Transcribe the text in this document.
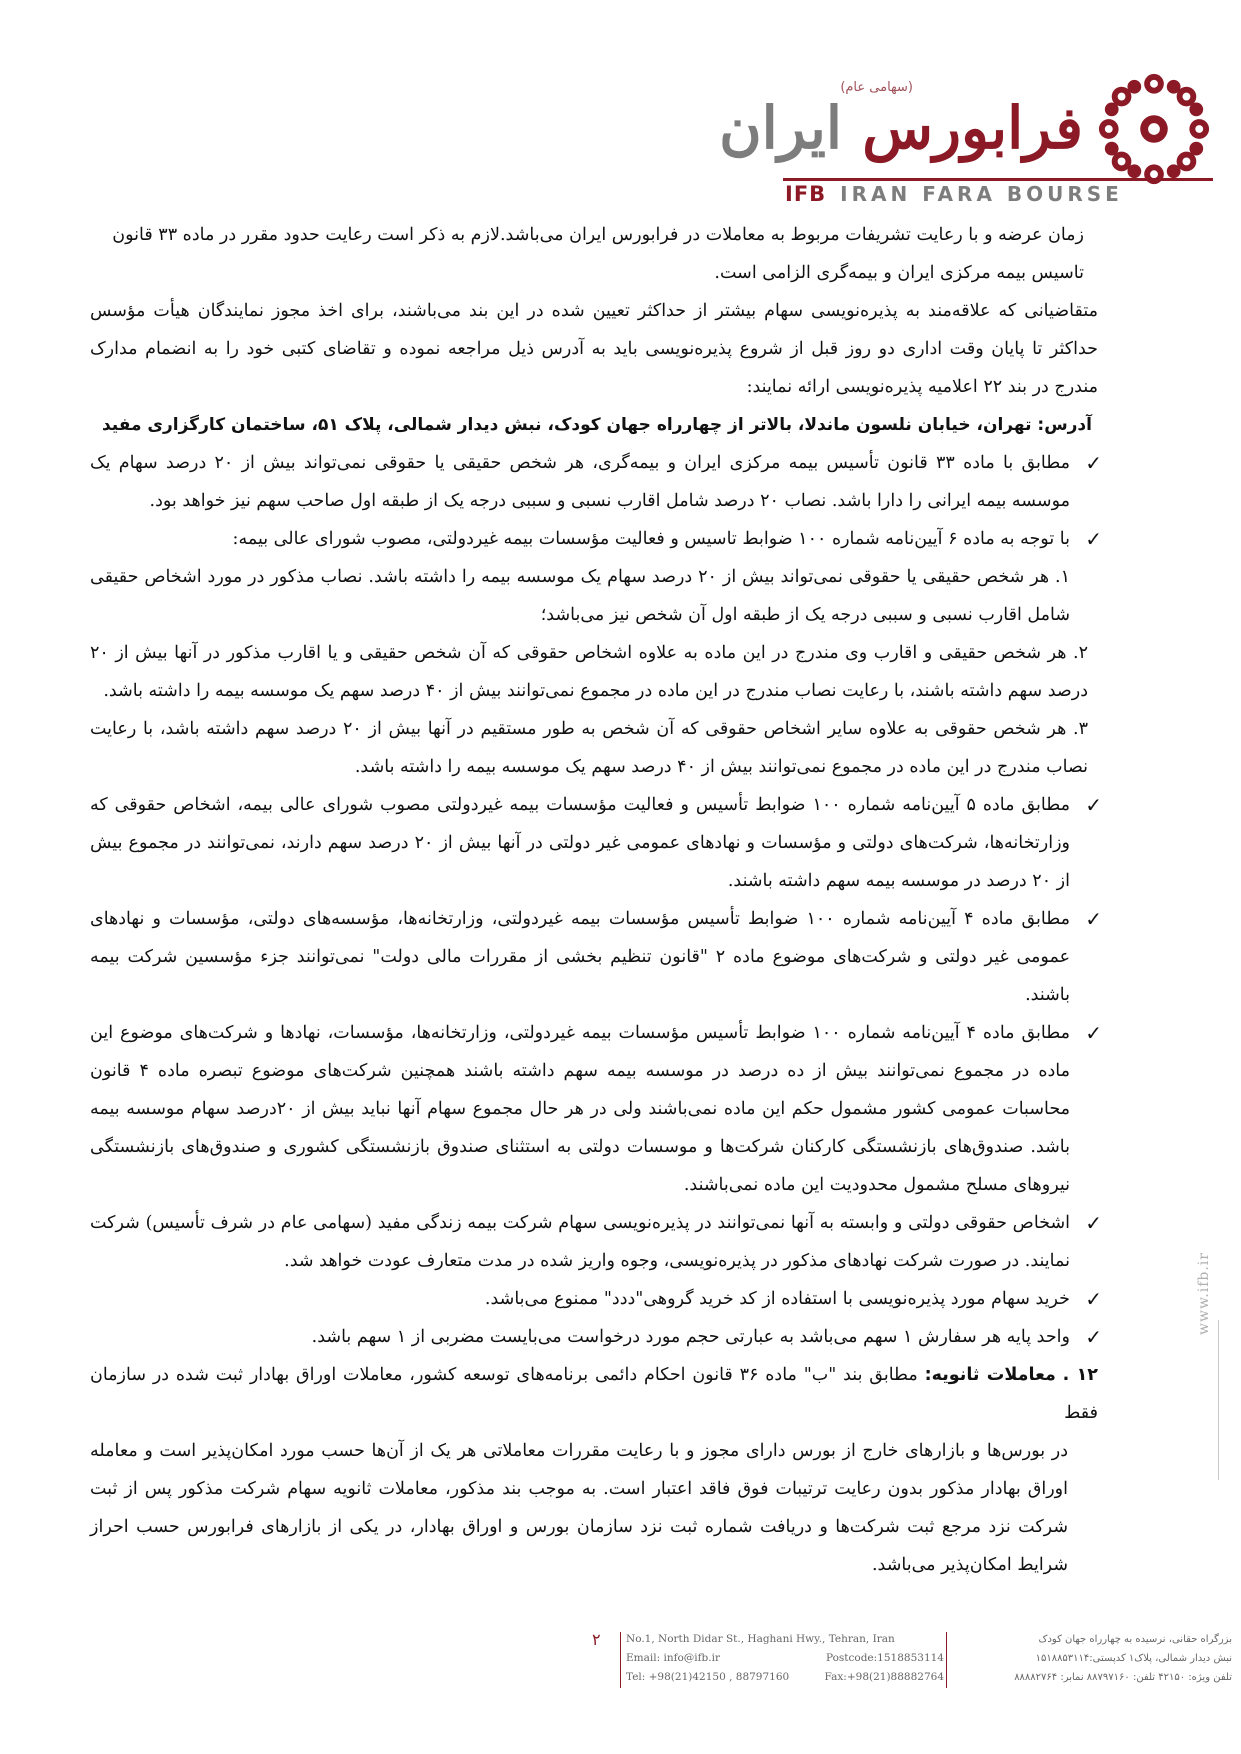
(سهامی عام)
فرابورس ایران
IFB IRAN FARA BOURSE

زمان عرضه و با رعایت تشریفات مربوط به معاملات در فرابورس ایران می‌باشد.لازم به ذکر است رعایت حدود مقرر در ماده ۳۳ قانون
تاسیس بیمه مرکزی ایران و بیمه‌گری الزامی است.

متقاضیانی که علاقه‌مند به پذیره‌نویسی سهام بیشتر از حداکثر تعیین شده در این بند می‌باشند، برای اخذ مجوز نمایندگان هیأت مؤسس حداکثر تا پایان وقت اداری دو روز قبل از شروع پذیره‌نویسی باید به آدرس ذیل مراجعه نموده و تقاضای کتبی خود را به انضمام مدارک مندرج در بند ۲۲ اعلامیه پذیره‌نویسی ارائه نمایند:

آدرس: تهران، خیابان نلسون ماندلا، بالاتر از چهارراه جهان کودک، نبش دیدار شمالی، پلاک ۵۱، ساختمان کارگزاری مفید

✓
مطابق با ماده ۳۳ قانون تأسیس بیمه مرکزی ایران و بیمه‌گری، هر شخص حقیقی یا حقوقی نمی‌تواند بیش از ۲۰ درصد سهام یک موسسه بیمه ایرانی را دارا باشد. نصاب ۲۰ درصد شامل اقارب نسبی و سببی درجه یک از طبقه اول صاحب سهم نیز خواهد بود.

✓
با توجه به ماده ۶ آیین‌نامه شماره ۱۰۰ ضوابط تاسیس و فعالیت مؤسسات بیمه غیردولتی، مصوب شورای عالی بیمه:

۱. هر شخص حقیقی یا حقوقی نمی‌تواند بیش از ۲۰ درصد سهام یک موسسه بیمه را داشته باشد. نصاب مذکور در مورد اشخاص حقیقی شامل اقارب نسبی و سببی درجه یک از طبقه اول آن شخص نیز می‌باشد؛

۲. هر شخص حقیقی و اقارب وی مندرج در این ماده به علاوه اشخاص حقوقی که آن شخص حقیقی و یا اقارب مذکور در آنها بیش از ۲۰ درصد سهم داشته باشند، با رعایت نصاب مندرج در این ماده در مجموع نمی‌توانند بیش از ۴۰ درصد سهم یک موسسه بیمه را داشته باشد.

۳. هر شخص حقوقی به علاوه سایر اشخاص حقوقی که آن شخص به طور مستقیم در آنها بیش از ۲۰ درصد سهم داشته باشد، با رعایت نصاب مندرج در این ماده در مجموع نمی‌توانند بیش از ۴۰ درصد سهم یک موسسه بیمه را داشته باشد.

✓
مطابق ماده ۵ آیین‌نامه شماره ۱۰۰ ضوابط تأسیس و فعالیت مؤسسات بیمه غیردولتی مصوب شورای عالی بیمه، اشخاص حقوقی که وزارتخانه‌ها، شرکت‌های دولتی و مؤسسات و نهادهای عمومی غیر دولتی در آنها بیش از ۲۰ درصد سهم دارند، نمی‌توانند در مجموع بیش از ۲۰ درصد در موسسه بیمه سهم داشته باشند.

✓
مطابق ماده ۴ آیین‌نامه شماره ۱۰۰ ضوابط تأسیس مؤسسات بیمه غیردولتی، وزارتخانه‌ها، مؤسسه‌های دولتی، مؤسسات و نهادهای عمومی غیر دولتی و شرکت‌های موضوع ماده ۲ "قانون تنظیم بخشی از مقررات مالی دولت" نمی‌توانند جزء مؤسسین شرکت بیمه باشند.

✓
مطابق ماده ۴ آیین‌نامه شماره ۱۰۰ ضوابط تأسیس مؤسسات بیمه غیردولتی، وزارتخانه‌ها، مؤسسات، نهادها و شرکت‌های موضوع این ماده در مجموع نمی‌توانند بیش از ده درصد در موسسه بیمه سهم داشته باشند همچنین شرکت‌های موضوع تبصره ماده ۴ قانون محاسبات عمومی کشور مشمول حکم این ماده نمی‌باشند ولی در هر حال مجموع سهام آنها نباید بیش از ۲۰درصد سهام موسسه بیمه باشد. صندوق‌های بازنشستگی کارکنان شرکت‌ها و موسسات دولتی به استثنای صندوق بازنشستگی کشوری و صندوق‌های بازنشستگی نیروهای مسلح مشمول محدودیت این ماده نمی‌باشند.

✓
اشخاص حقوقی دولتی و وابسته به آنها نمی‌توانند در پذیره‌نویسی سهام شرکت بیمه زندگی مفید (سهامی عام در شرف تأسیس) شرکت نمایند. در صورت شرکت نهادهای مذکور در پذیره‌نویسی، وجوه واریز شده در مدت متعارف عودت خواهد شد.

✓
خرید سهام مورد پذیره‌نویسی با استفاده از کد خرید گروهی"ددد" ممنوع می‌باشد.

✓
واحد پایه هر سفارش ۱ سهم می‌باشد به عبارتی حجم مورد درخواست می‌بایست مضربی از ۱ سهم باشد.

۱۲ . معاملات ثانویه: مطابق بند "ب" ماده ۳۶ قانون احکام دائمی برنامه‌های توسعه کشور، معاملات اوراق بهادار ثبت شده در سازمان فقط

در بورس‌ها و بازارهای خارج از بورس دارای مجوز و با رعایت مقررات معاملاتی هر یک از آن‌ها حسب مورد امکان‌پذیر است و معامله اوراق بهادار مذکور بدون رعایت ترتیبات فوق فاقد اعتبار است. به موجب بند مذکور، معاملات ثانویه سهام شرکت مذکور پس از ثبت شرکت نزد مرجع ثبت شرکت‌ها و دریافت شماره ثبت نزد سازمان بورس و اوراق بهادار، در یکی از بازارهای فرابورس حسب احراز شرایط امکان‌پذیر می‌باشد.

www.ifb.ir
۲ No.1, North Didar St., Haghani Hwy., Tehran, Iran
Email: info@ifb.ir	Postcode:1518853114
Tel: +98(21)42150 , 88797160	Fax:+98(21)88882764
بزرگراه حقانی، نرسیده به چهارراه جهان کودک
نبش دیدار شمالی، پلاک۱ کدپستی:۱۵۱۸۸۵۳۱۱۴
تلفن ویژه: ۴۲۱۵۰ تلفن: ۸۸۷۹۷۱۶۰ نمابر: ۸۸۸۸۲۷۶۴
